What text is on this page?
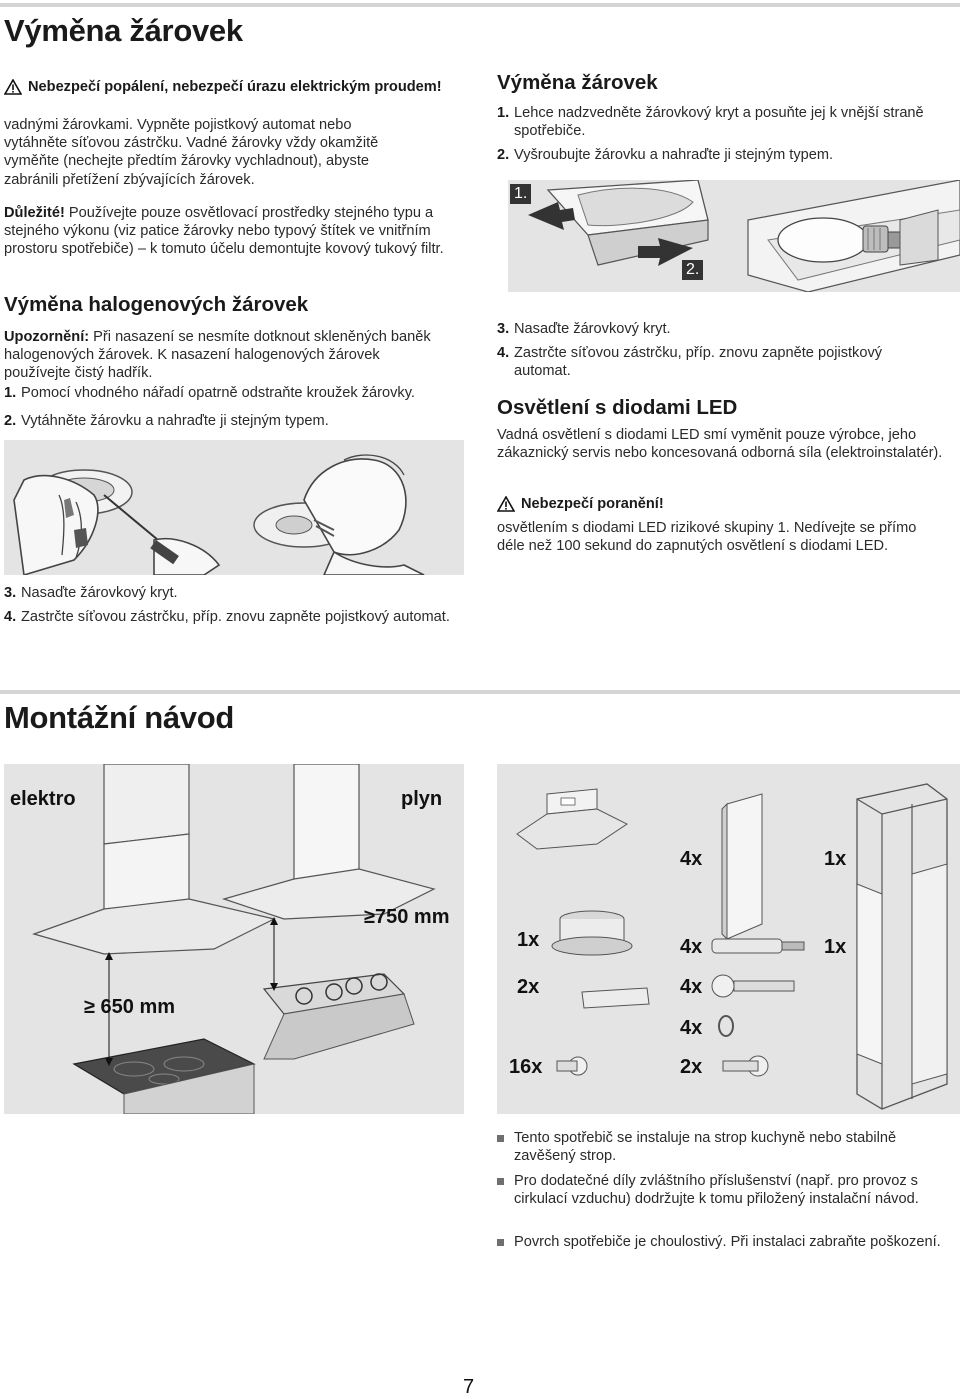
Výměna žárovek
Nebezpečí popálení, nebezpečí úrazu elektrickým proudem!
vadnými žárovkami. Vypněte pojistkový automat nebo vytáhněte síťovou zástrčku. Vadné žárovky vždy okamžitě vyměňte (nechejte předtím žárovky vychladnout), abyste zabránili přetížení zbývajících žárovek.
Důležité! Používejte pouze osvětlovací prostředky stejného typu a stejného výkonu (viz patice žárovky nebo typový štítek ve vnitřním prostoru spotřebiče) – k tomuto účelu demontujte kovový tukový filtr.
Výměna halogenových žárovek
Upozornění: Při nasazení se nesmíte dotknout skleněných baněk halogenových žárovek. K nasazení halogenových žárovek používejte čistý hadřík.
1. Pomocí vhodného nářadí opatrně odstraňte kroužek žárovky.
2. Vytáhněte žárovku a nahraďte ji stejným typem.
3. Nasaďte žárovkový kryt.
4. Zastrčte síťovou zástrčku, příp. znovu zapněte pojistkový automat.
Výměna žárovek
1. Lehce nadzvedněte žárovkový kryt a posuňte jej k vnější straně spotřebiče.
2. Vyšroubujte žárovku a nahraďte ji stejným typem.
1.
2.
3. Nasaďte žárovkový kryt.
4. Zastrčte síťovou zástrčku, příp. znovu zapněte pojistkový automat.
Osvětlení s diodami LED
Vadná osvětlení s diodami LED smí vyměnit pouze výrobce, jeho zákaznický servis nebo koncesovaná odborná síla (elektroinstalatér).
Nebezpečí poranění!
osvětlením s diodami LED rizikové skupiny 1. Nedívejte se přímo déle než 100 sekund do zapnutých osvětlení s diodami LED.
Montážní návod
elektro	plyn
≥750 mm
≥ 650 mm
4x	1x
1x	4x	1x
2x	4x
4x
16x	2x
Tento spotřebič se instaluje na strop kuchyně nebo stabilně zavěšený strop.
Pro dodatečné díly zvláštního příslušenství (např. pro provoz s cirkulací vzduchu) dodržujte k tomu přiložený instalační návod.
Povrch spotřebiče je choulostivý. Při instalaci zabraňte poškození.
7
